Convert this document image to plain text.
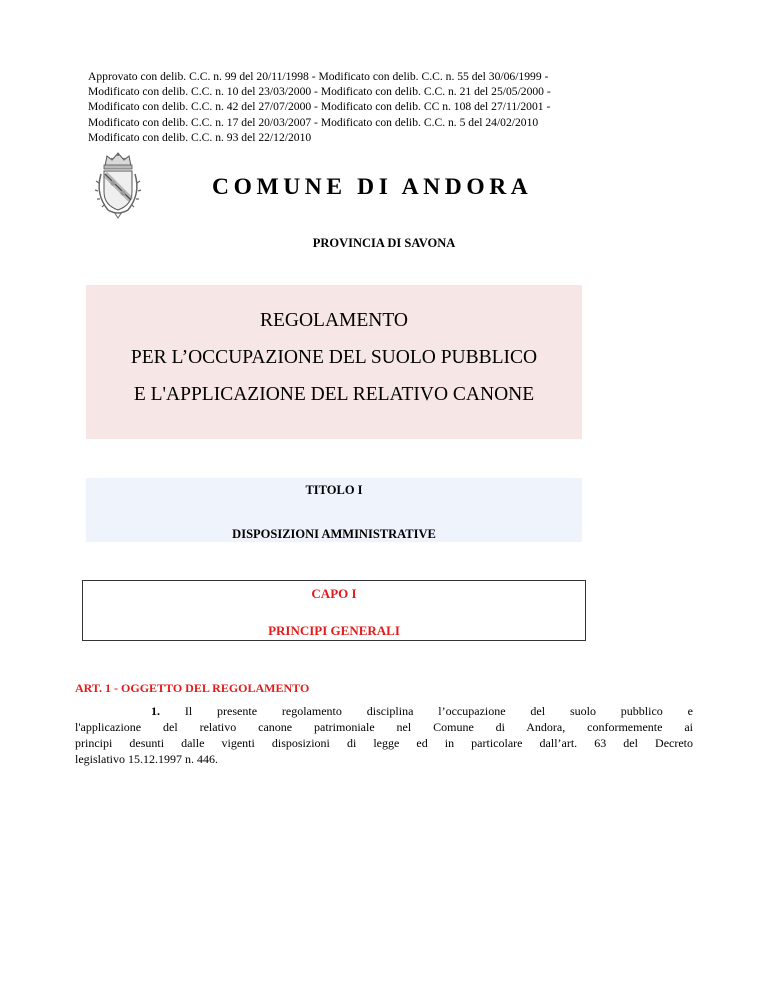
Approvato con delib. C.C. n. 99 del 20/11/1998 - Modificato con delib. C.C. n. 55 del 30/06/1999 -
Modificato con delib. C.C. n. 10 del 23/03/2000 - Modificato con delib. C.C. n. 21 del 25/05/2000 -
Modificato con delib. C.C. n. 42 del 27/07/2000 - Modificato con delib. CC n. 108 del 27/11/2001 -
Modificato con delib. C.C. n. 17 del 20/03/2007 - Modificato con delib. C.C. n. 5 del 24/02/2010
Modificato con delib. C.C. n. 93 del 22/12/2010
COMUNE DI ANDORA
PROVINCIA DI SAVONA
REGOLAMENTO
PER L’OCCUPAZIONE DEL SUOLO PUBBLICO
E L'APPLICAZIONE DEL RELATIVO CANONE
TITOLO I
DISPOSIZIONI AMMINISTRATIVE
CAPO I
PRINCIPI GENERALI
ART. 1 - OGGETTO DEL REGOLAMENTO
1. Il presente regolamento disciplina l’occupazione del suolo pubblico e
l'applicazione del relativo canone patrimoniale nel Comune di Andora, conformemente ai
principi desunti dalle vigenti disposizioni di legge ed in particolare dall’art. 63 del Decreto
legislativo 15.12.1997 n. 446.
